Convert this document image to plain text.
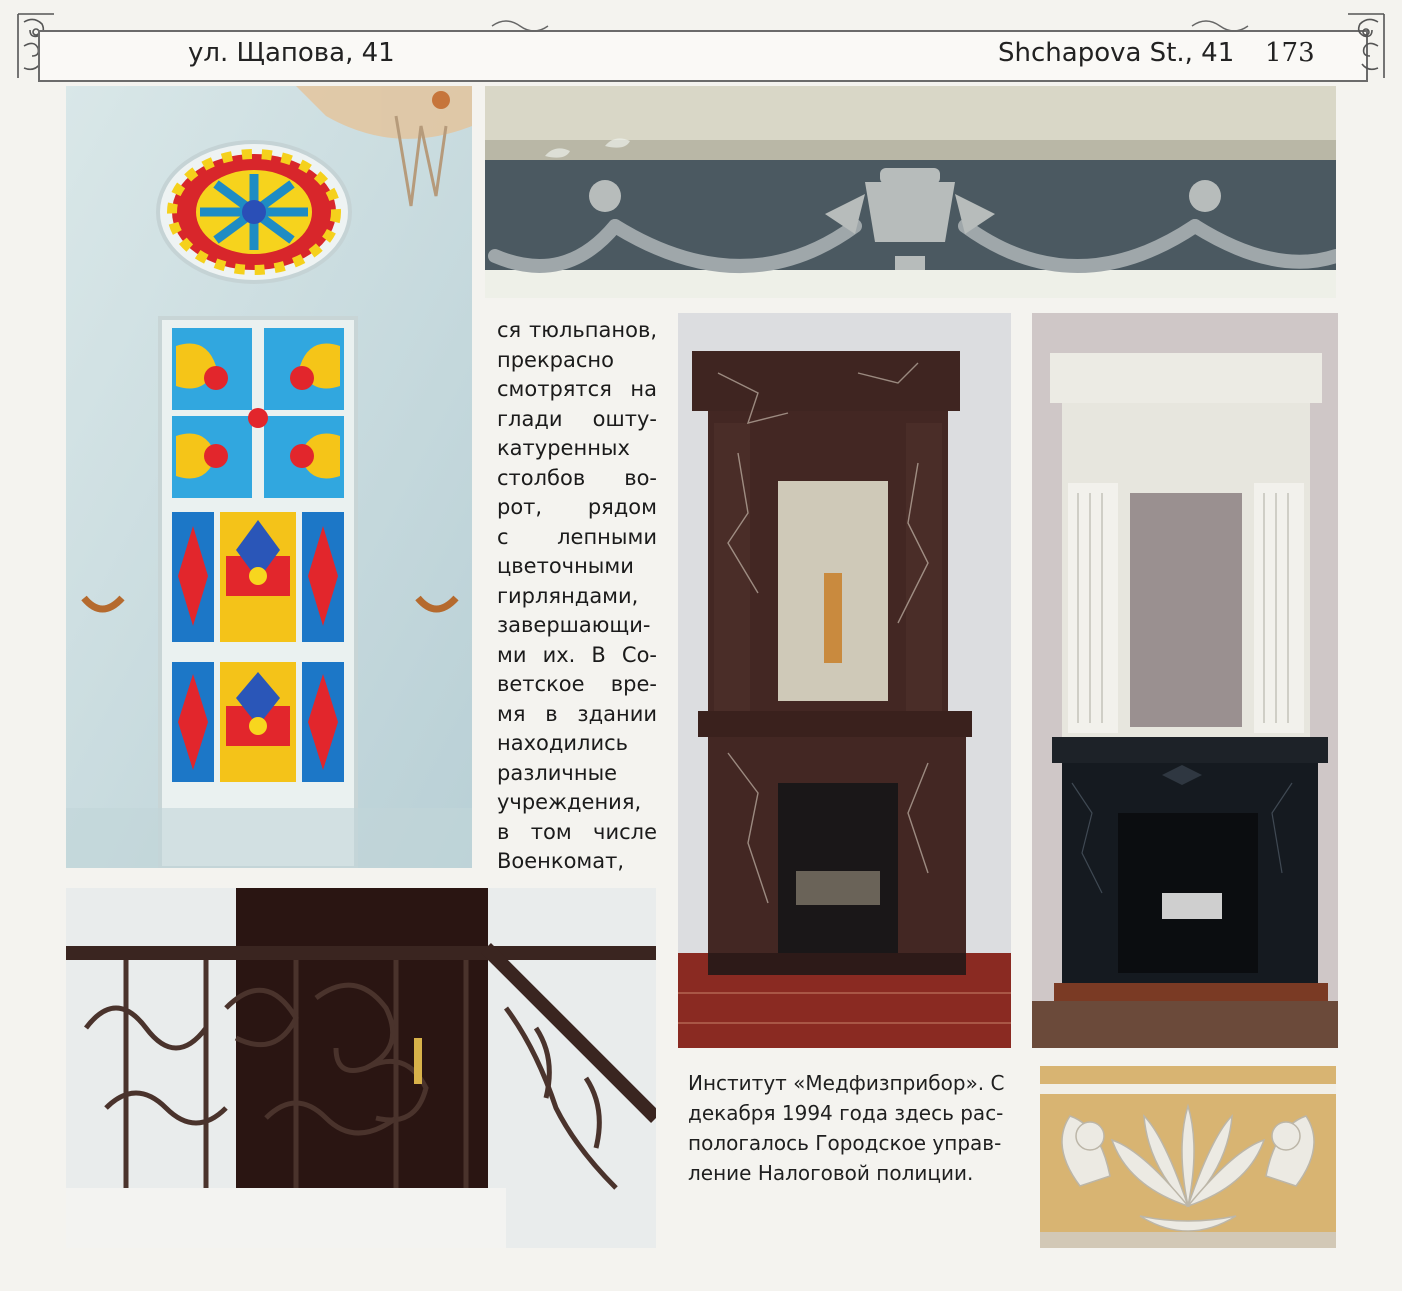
ул. Щапова, 41	Shchapova St., 41 173
ся тюльпанов,
прекрасно
смотрятся на
глади ошту-
катуренных
столбов во-
рот, рядом
с лепными
цветочными
гирляндами,
завершающи-
ми их. В Со-
ветское вре-
мя в здании
находились
различные
учреждения,
в том числе
Военкомат,
Институт «Медфизприбор». С
декабря 1994 года здесь рас-
пологалось Городское управ-
ление Налоговой полиции.
